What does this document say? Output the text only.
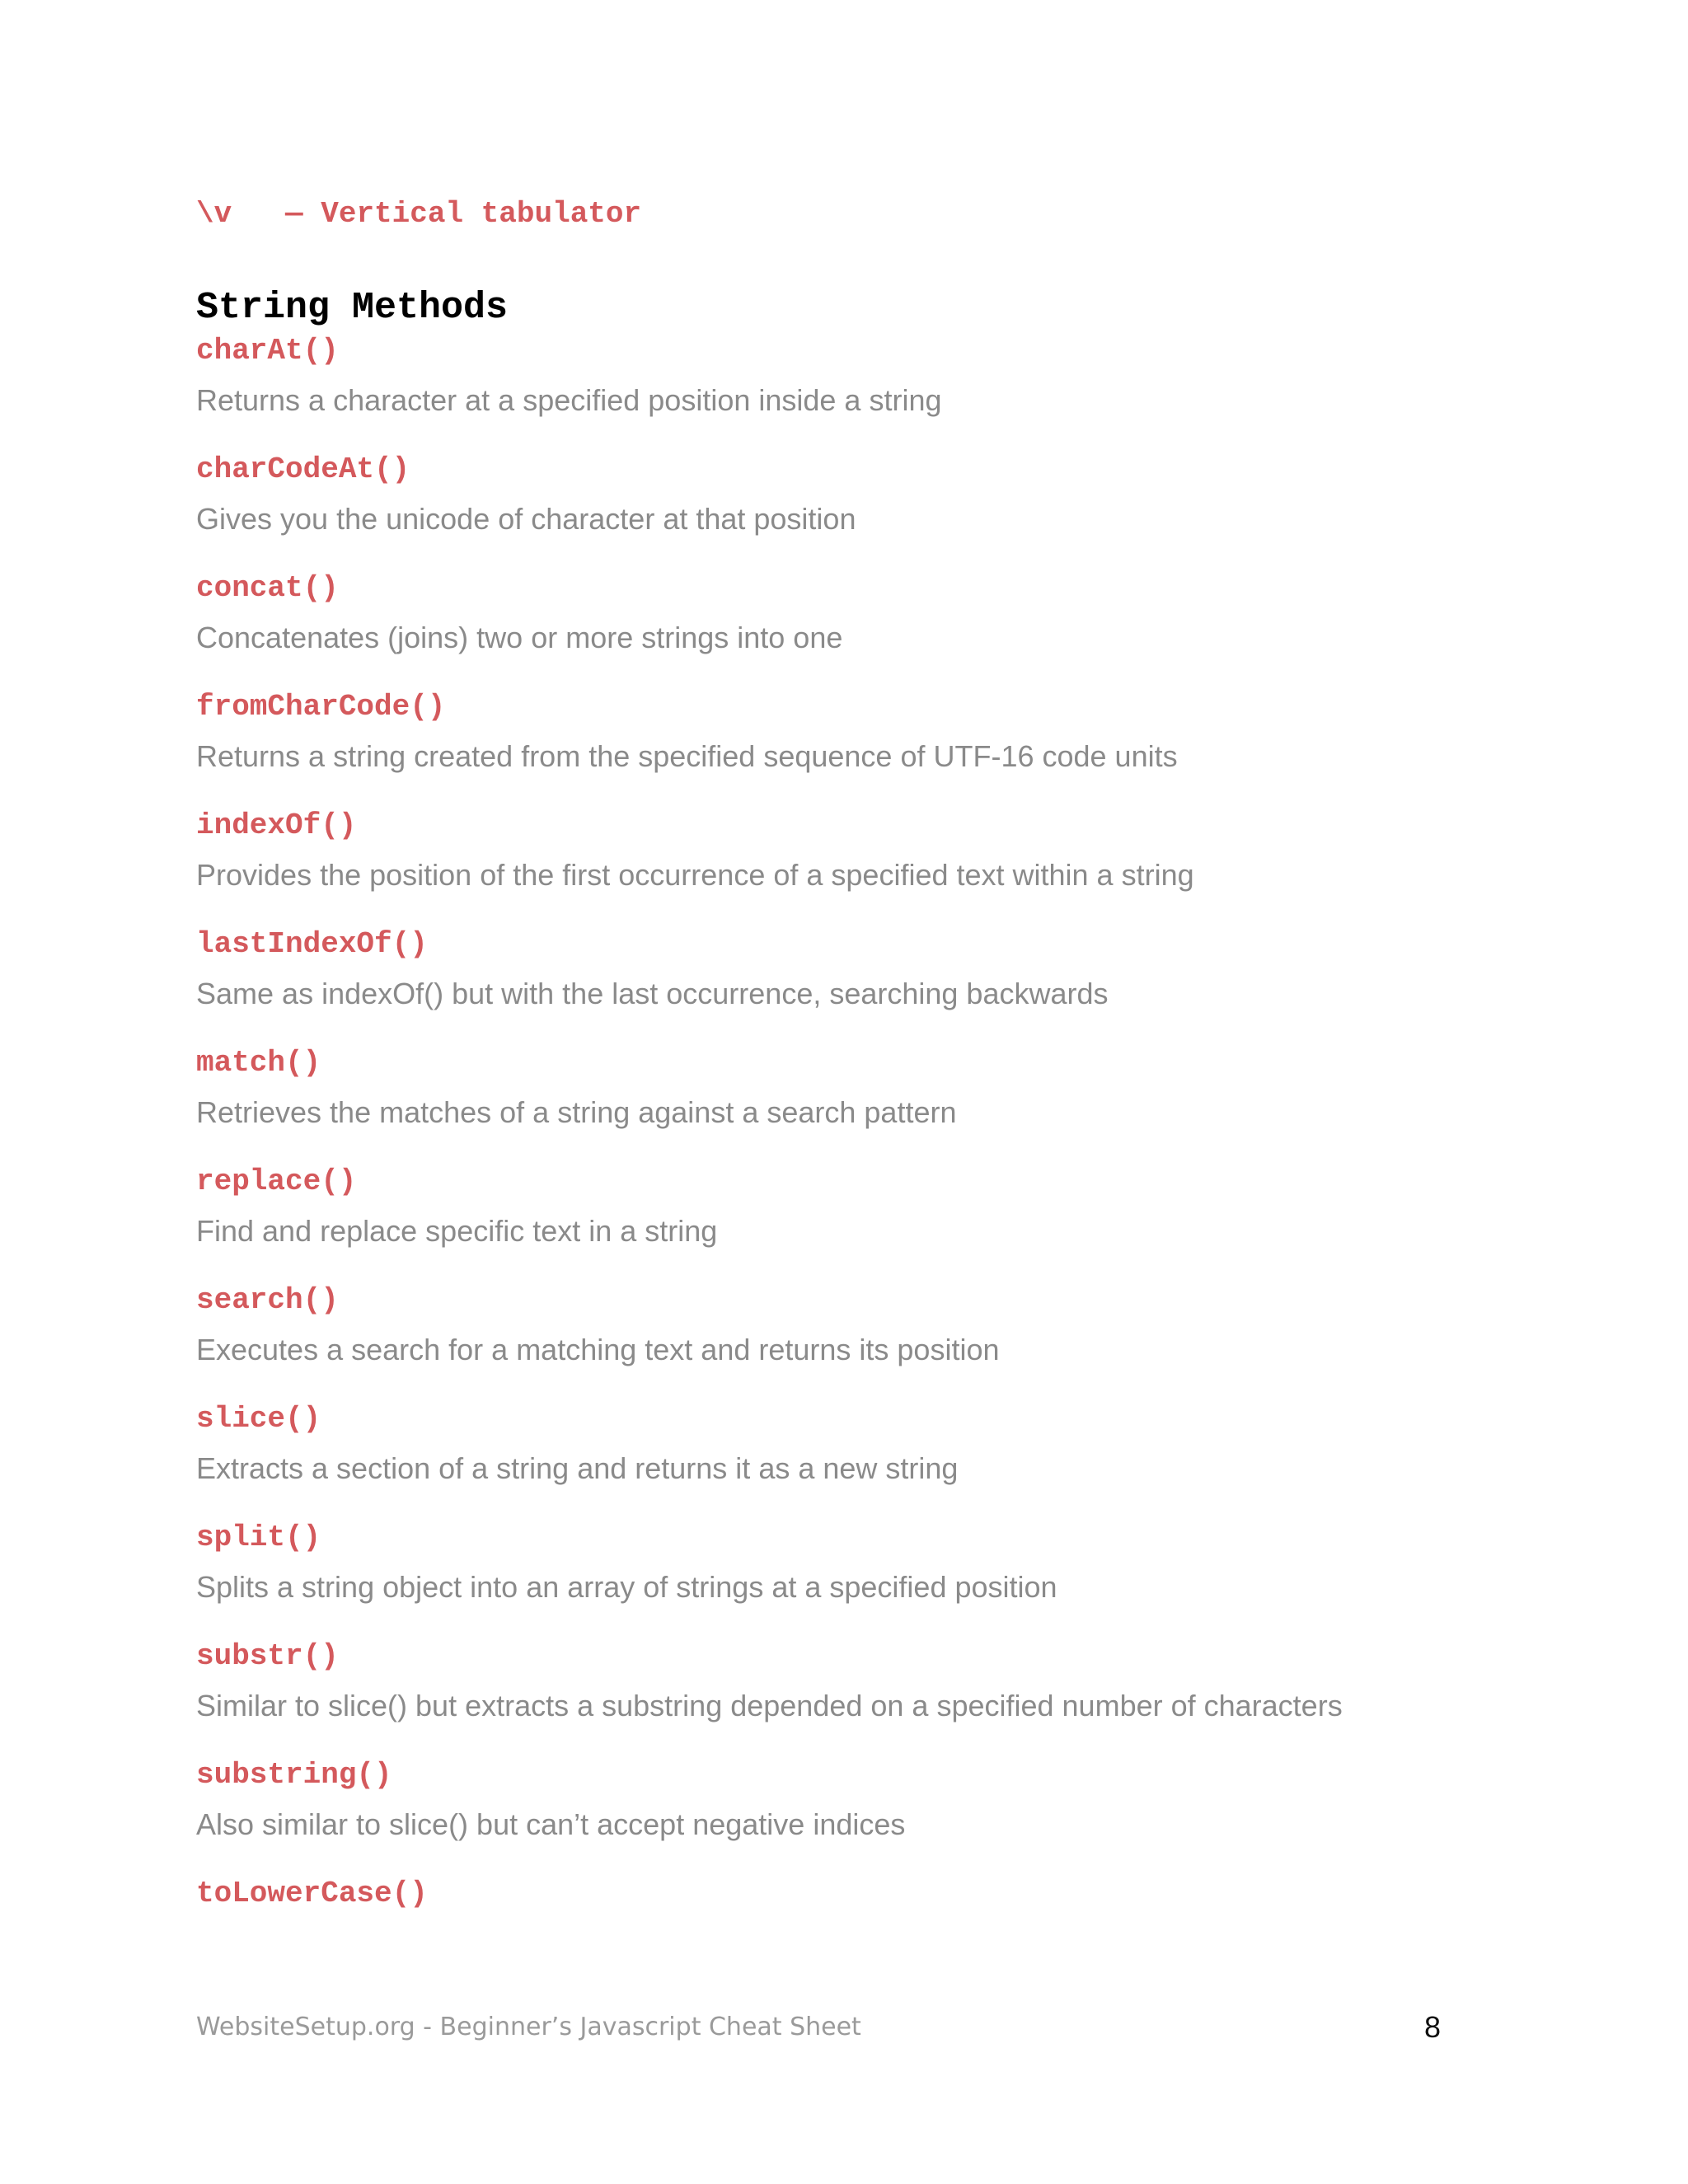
\v — Vertical tabulator

String Methods
charAt()
Returns a character at a specified position inside a string
charCodeAt()
Gives you the unicode of character at that position
concat()
Concatenates (joins) two or more strings into one
fromCharCode()
Returns a string created from the specified sequence of UTF-16 code units
indexOf()
Provides the position of the first occurrence of a specified text within a string
lastIndexOf()
Same as indexOf() but with the last occurrence, searching backwards
match()
Retrieves the matches of a string against a search pattern
replace()
Find and replace specific text in a string
search()
Executes a search for a matching text and returns its position
slice()
Extracts a section of a string and returns it as a new string
split()
Splits a string object into an array of strings at a specified position
substr()
Similar to slice() but extracts a substring depended on a specified number of characters
substring()
Also similar to slice() but can’t accept negative indices
toLowerCase()
WebsiteSetup.org - Beginner’s Javascript Cheat Sheet	8
